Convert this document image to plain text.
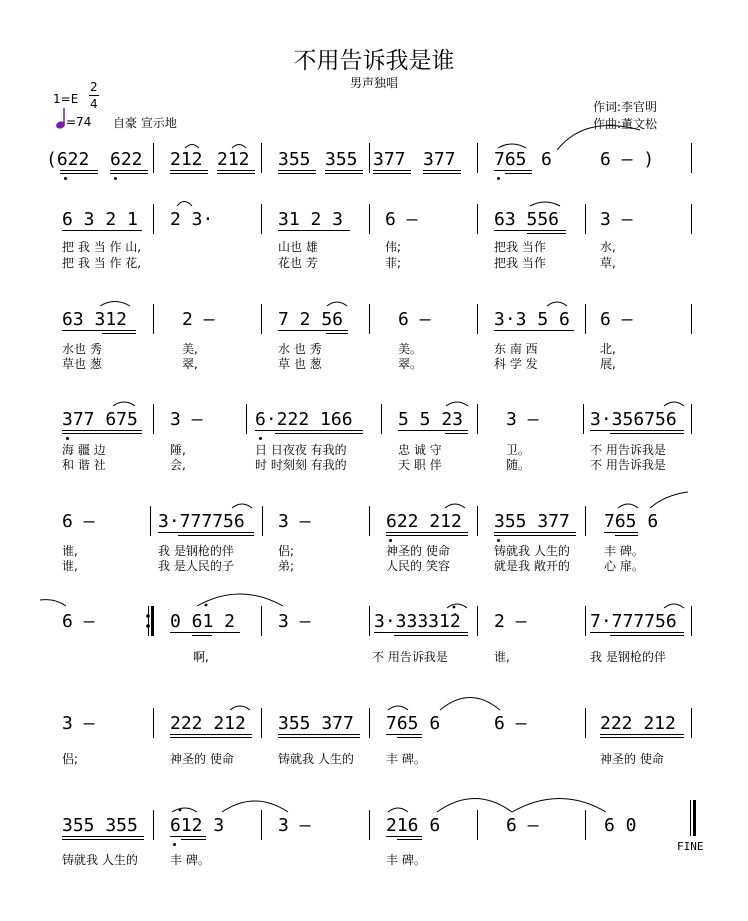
不用告诉我是谁
男声独唱
1=E
2
4
=74 自豪 宣示地
作词:李官明
作曲:董文松
(622 622 212 212 355 355 377 377 765 6	6 – )
6 3 2 1 2 3·	31 2 3 6 –	63 556 3 –
把 我 当 作 山,	山也 雄	伟;	把我 当作	水,
把 我 当 作 花,	花也 芳	菲;	把我 当作	草,
63 312	2 –	7 2 56	6 –	3·3 5 6 6 –
水也 秀	美,	水 也 秀	美。	东 南 西	北,
草也 葱	翠,	草 也 葱	翠。	科 学 发	展,
377 675 3 –	6·222 166	5 5 23 3 –	3·356756
海 疆 边	陲,	日 日夜夜 有我的	忠 诚 守	卫。	不 用告诉我是
和 谐 社	会,	时 时刻刻 有我的	天 职 伴	随。	不 用告诉我是
6 –	3·777756 3 –	622 212 355 377 765 6
谁,	我 是钢枪的伴	侣;	神圣的 使命	铸就我 人生的	丰 碑。
谁,	我 是人民的子	弟;	人民的 笑容	就是我 敞开的	心 扉。
6 –	0 61 2 3 –	3·33331̇2 2 –	7·777756
啊,	不 用告诉我是	谁,	我 是钢枪的伴
3 –	222 212 355 377 765 6	6 –	222 212
侣;	神圣的 使命	铸就我 人生的	丰 碑。	神圣的 使命
355 355 612 3	3 –	216 6	6 –	6 0
铸就我 人生的	丰 碑。	丰 碑。
FINE
